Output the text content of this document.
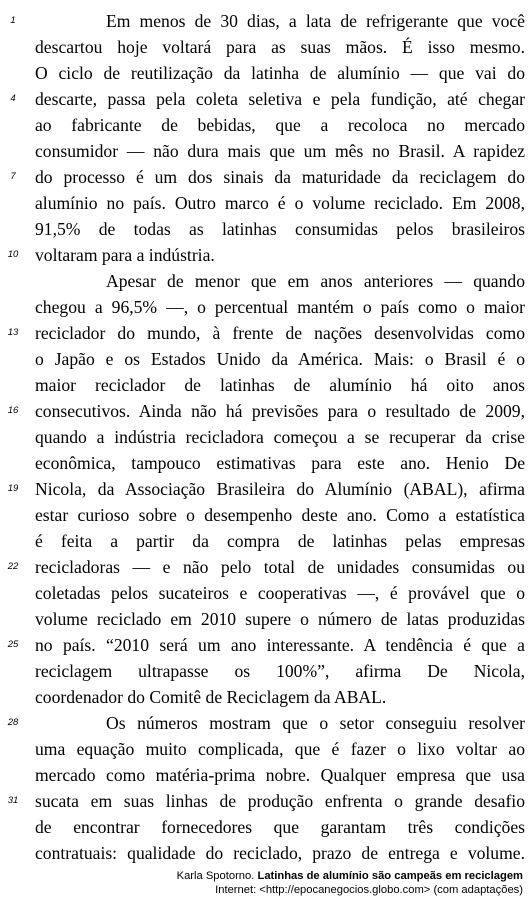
Em menos de 30 dias, a lata de refrigerante que você
descartou hoje voltará para as suas mãos. É isso mesmo.
O ciclo de reutilização da latinha de alumínio — que vai do
descarte, passa pela coleta seletiva e pela fundição, até chegar
ao fabricante de bebidas, que a recoloca no mercado
consumidor — não dura mais que um mês no Brasil. A rapidez
do processo é um dos sinais da maturidade da reciclagem do
alumínio no país. Outro marco é o volume reciclado. Em 2008,
91,5% de todas as latinhas consumidas pelos brasileiros
voltaram para a indústria.
Apesar de menor que em anos anteriores — quando
chegou a 96,5% —, o percentual mantém o país como o maior
reciclador do mundo, à frente de nações desenvolvidas como
o Japão e os Estados Unido da América. Mais: o Brasil é o
maior reciclador de latinhas de alumínio há oito anos
consecutivos. Ainda não há previsões para o resultado de 2009,
quando a indústria recicladora começou a se recuperar da crise
econômica, tampouco estimativas para este ano. Henio De
Nicola, da Associação Brasileira do Alumínio (ABAL), afirma
estar curioso sobre o desempenho deste ano. Como a estatística
é feita a partir da compra de latinhas pelas empresas
recicladoras — e não pelo total de unidades consumidas ou
coletadas pelos sucateiros e cooperativas —, é provável que o
volume reciclado em 2010 supere o número de latas produzidas
no país. “2010 será um ano interessante. A tendência é que a
reciclagem ultrapasse os 100%”, afirma De Nicola,
coordenador do Comitê de Reciclagem da ABAL.
Os números mostram que o setor conseguiu resolver
uma equação muito complicada, que é fazer o lixo voltar ao
mercado como matéria-prima nobre. Qualquer empresa que usa
sucata em suas linhas de produção enfrenta o grande desafio
de encontrar fornecedores que garantam três condições
contratuais: qualidade do reciclado, prazo de entrega e volume.
1
4
7
10
13
16
19
22
25
28
31
Karla Spotorno. Latinhas de alumínio são campeãs em reciclagem
Internet: <http://epocanegocios.globo.com> (com adaptações)
